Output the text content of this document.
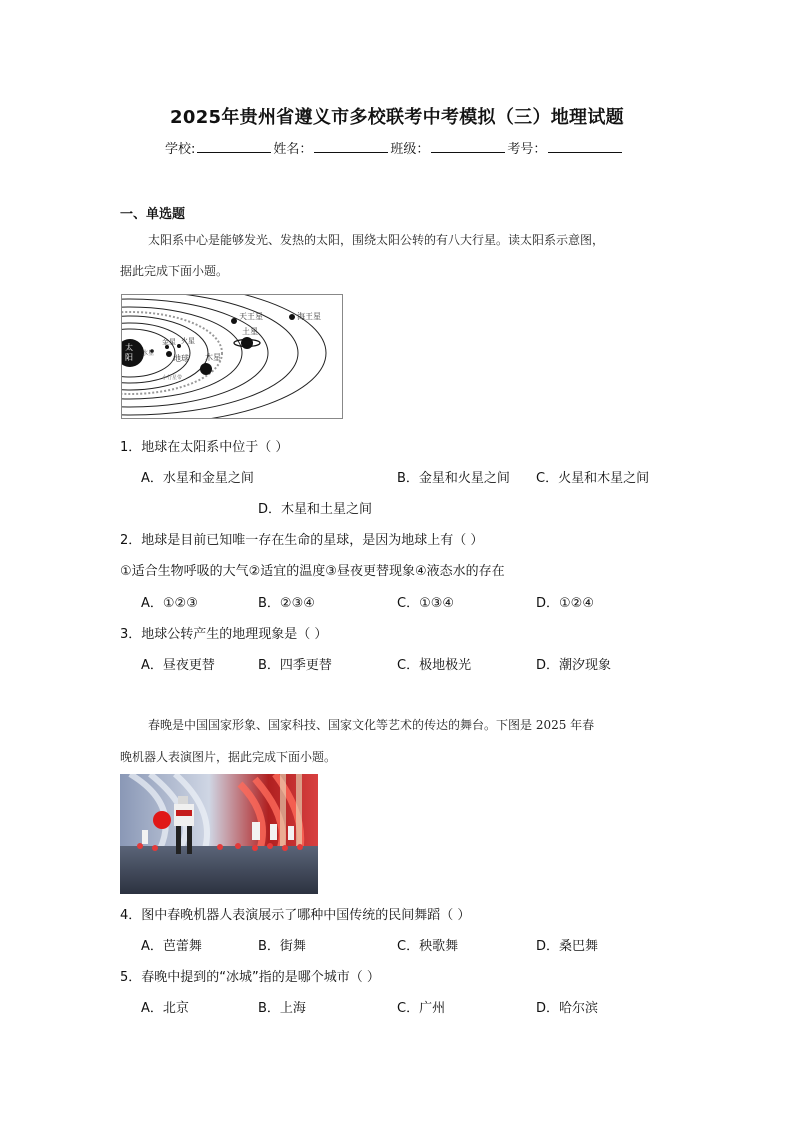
2025年贵州省遵义市多校联考中考模拟（三）地理试题
学校:	姓名：	班级：	考号：
一、单选题
太阳系中心是能够发光、发热的太阳，围绕太阳公转的有八大行星。读太阳系示意图，
据此完成下面小题。
太
阳 水星
金星
地球
火星
小行星带
木星
土星
天王星	海王星
1．地球在太阳系中位于（ ）
A．水星和金星之间	B．金星和火星之间 C．火星和木星之间
D．木星和土星之间
2．地球是目前已知唯一存在生命的星球，是因为地球上有（ ）
①适合生物呼吸的大气②适宜的温度③昼夜更替现象④液态水的存在
A．①②③	B．②③④	C．①③④	D．①②④
3．地球公转产生的地理现象是（ ）
A．昼夜更替	B．四季更替	C．极地极光	D．潮汐现象
春晚是中国国家形象、国家科技、国家文化等艺术的传达的舞台。下图是 2025 年春
晚机器人表演图片，据此完成下面小题。
4．图中春晚机器人表演展示了哪种中国传统的民间舞蹈（ ）
A．芭蕾舞	B．街舞	C．秧歌舞	D．桑巴舞
5．春晚中提到的“冰城”指的是哪个城市（ ）
A．北京	B．上海	C．广州	D．哈尔滨
